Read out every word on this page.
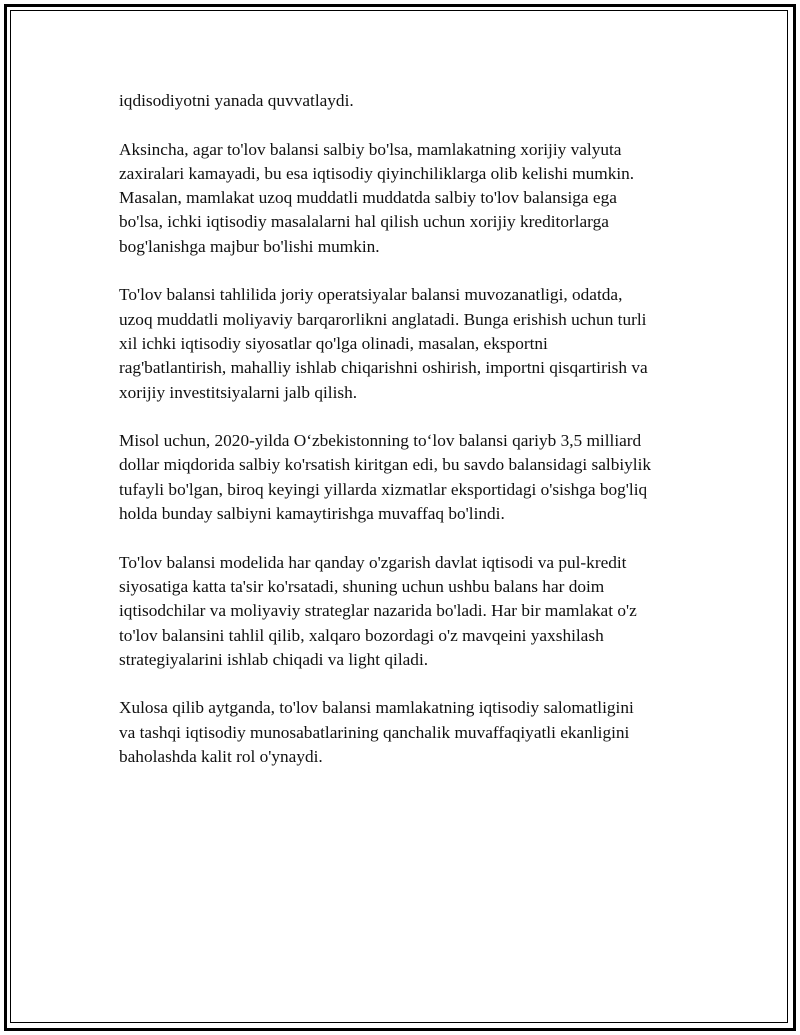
iqdisodiyotni yanada quvvatlaydi.

Aksincha, agar to'lov balansi salbiy bo'lsa, mamlakatning xorijiy valyuta
zaxiralari kamayadi, bu esa iqtisodiy qiyinchiliklarga olib kelishi mumkin.
Masalan, mamlakat uzoq muddatli muddatda salbiy to'lov balansiga ega
bo'lsa, ichki iqtisodiy masalalarni hal qilish uchun xorijiy kreditorlarga
bog'lanishga majbur bo'lishi mumkin.

To'lov balansi tahlilida joriy operatsiyalar balansi muvozanatligi, odatda,
uzoq muddatli moliyaviy barqarorlikni anglatadi. Bunga erishish uchun turli
xil ichki iqtisodiy siyosatlar qo'lga olinadi, masalan, eksportni
rag'batlantirish, mahalliy ishlab chiqarishni oshirish, importni qisqartirish va
xorijiy investitsiyalarni jalb qilish.

Misol uchun, 2020-yilda O‘zbekistonning to‘lov balansi qariyb 3,5 milliard
dollar miqdorida salbiy ko'rsatish kiritgan edi, bu savdo balansidagi salbiylik
tufayli bo'lgan, biroq keyingi yillarda xizmatlar eksportidagi o'sishga bog'liq
holda bunday salbiyni kamaytirishga muvaffaq bo'lindi.

To'lov balansi modelida har qanday o'zgarish davlat iqtisodi va pul-kredit
siyosatiga katta ta'sir ko'rsatadi, shuning uchun ushbu balans har doim
iqtisodchilar va moliyaviy strateglar nazarida bo'ladi. Har bir mamlakat o'z
to'lov balansini tahlil qilib, xalqaro bozordagi o'z mavqeini yaxshilash
strategiyalarini ishlab chiqadi va light qiladi.

Xulosa qilib aytganda, to'lov balansi mamlakatning iqtisodiy salomatligini
va tashqi iqtisodiy munosabatlarining qanchalik muvaffaqiyatli ekanligini
baholashda kalit rol o'ynaydi.
